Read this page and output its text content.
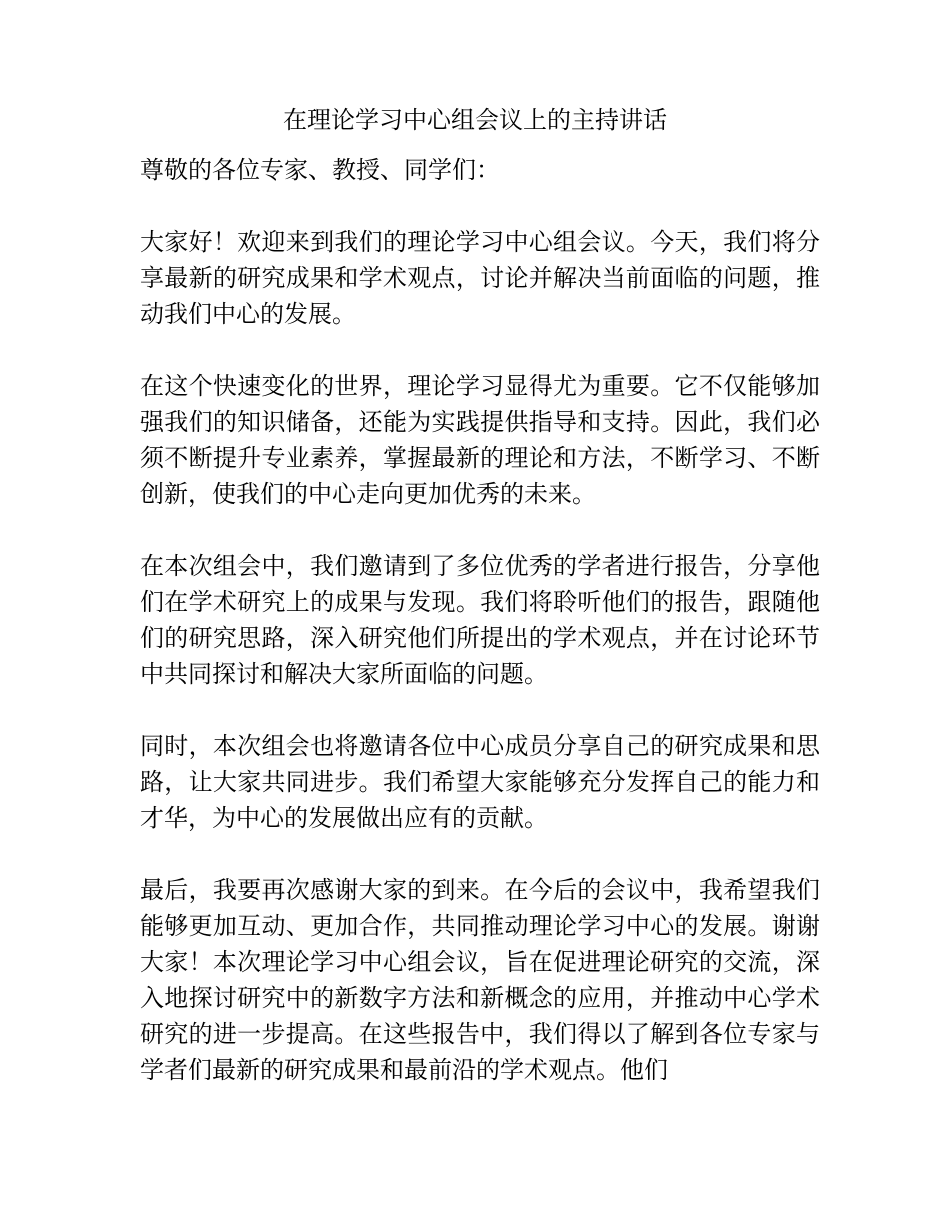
在理论学习中心组会议上的主持讲话

尊敬的各位专家、教授、同学们：

大家好！欢迎来到我们的理论学习中心组会议。今天，我们将分享最新的研究成果和学术观点，讨论并解决当前面临的问题，推动我们中心的发展。

在这个快速变化的世界，理论学习显得尤为重要。它不仅能够加强我们的知识储备，还能为实践提供指导和支持。因此，我们必须不断提升专业素养，掌握最新的理论和方法，不断学习、不断创新，使我们的中心走向更加优秀的未来。

在本次组会中，我们邀请到了多位优秀的学者进行报告，分享他们在学术研究上的成果与发现。我们将聆听他们的报告，跟随他们的研究思路，深入研究他们所提出的学术观点，并在讨论环节中共同探讨和解决大家所面临的问题。

同时，本次组会也将邀请各位中心成员分享自己的研究成果和思路，让大家共同进步。我们希望大家能够充分发挥自己的能力和才华，为中心的发展做出应有的贡献。

最后，我要再次感谢大家的到来。在今后的会议中，我希望我们能够更加互动、更加合作，共同推动理论学习中心的发展。谢谢大家！本次理论学习中心组会议，旨在促进理论研究的交流，深入地探讨研究中的新数字方法和新概念的应用，并推动中心学术研究的进一步提高。在这些报告中，我们得以了解到各位专家与学者们最新的研究成果和最前沿的学术观点。他们
